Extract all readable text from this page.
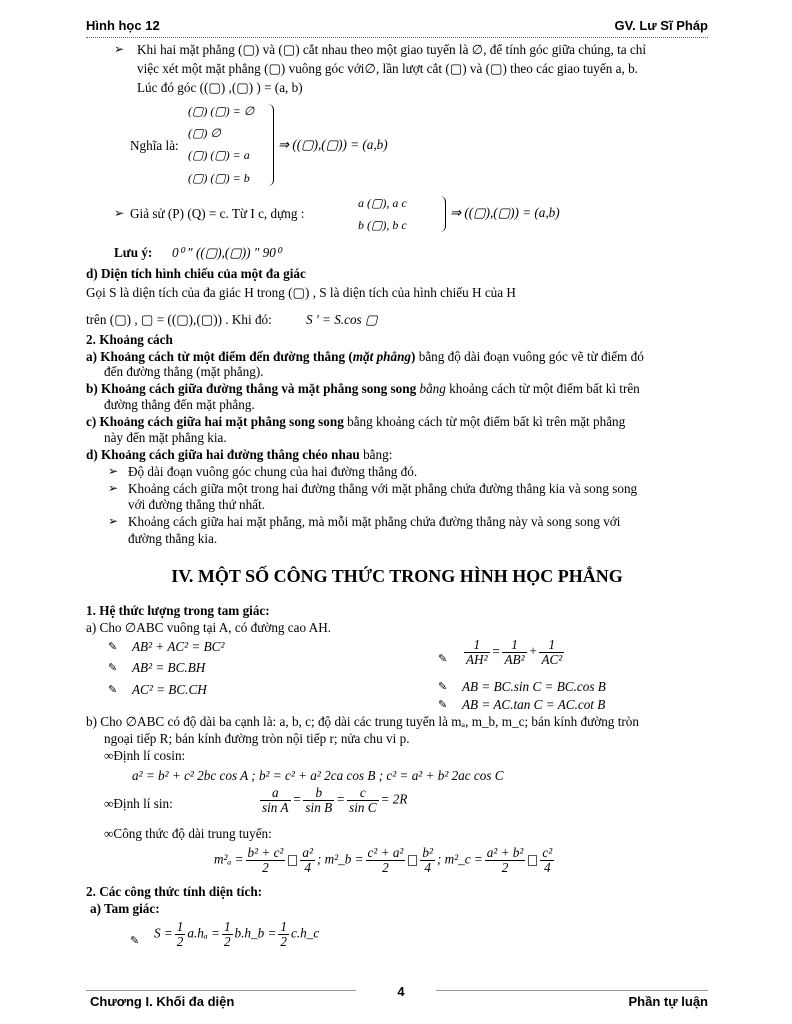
Hình học 12	GV. Lư Sĩ Pháp
➢ Khi hai mặt phẳng (▢) và (▢) cắt nhau theo một giao tuyến là ∅, để tính góc giữa chúng, ta chỉ
việc xét một mặt phẳng (▢) vuông góc với∅, lần lượt cắt (▢) và (▢) theo các giao tuyến a, b.
Lúc đó góc ((▢) ,(▢) ) = (a, b)
Nghĩa là:
(▢) (▢) = ∅
(▢) ∅
(▢) (▢) = a
(▢) (▢) = b
⇒ ((▢),(▢)) = (a,b)
➢ Giả sử (P) (Q) = c. Từ I c, dựng :
a (▢), a c
b (▢), b c
⇒ ((▢),(▢)) = (a,b)
Lưu ý: 0⁰ ″ ((▢),(▢)) ″ 90⁰
d) Diện tích hình chiếu của một đa giác
Gọi S là diện tích của đa giác H trong (▢) , S là diện tích của hình chiếu H của H
trên (▢) , ▢ = ((▢),(▢)) . Khi đó:	S ' = S.cos ▢
2. Khoảng cách
a) Khoảng cách từ một điểm đến đường thẳng (mặt phẳng) bằng độ dài đoạn vuông góc vẽ từ điểm đó
đến đường thẳng (mặt phẳng).
b) Khoảng cách giữa đường thẳng và mặt phẳng song song bằng khoảng cách từ một điểm bất kì trên
đường thẳng đến mặt phẳng.
c) Khoảng cách giữa hai mặt phẳng song song bằng khoảng cách từ một điểm bất kì trên mặt phẳng
này đến mặt phẳng kia.
d) Khoảng cách giữa hai đường thẳng chéo nhau bằng:
➢ Độ dài đoạn vuông góc chung của hai đường thẳng đó.
➢ Khoảng cách giữa một trong hai đường thẳng với mặt phẳng chứa đường thẳng kia và song song
với đường thẳng thứ nhất.
➢ Khoảng cách giữa hai mặt phẳng, mà mỗi mặt phẳng chứa đường thẳng này và song song với
đường thẳng kia.
IV. MỘT SỐ CÔNG THỨC TRONG HÌNH HỌC PHẲNG
1. Hệ thức lượng trong tam giác:
a) Cho ∅ABC vuông tại A, có đường cao AH.
✎ AB² + AC² = BC²
✎ AB² = BC.BH
✎ AC² = BC.CH
✎ $\frac{1}{\text{AH²}} = \frac{1}{\text{AB²}} + \frac{1}{\text{AC²}}$
✎ AB = BC.sin C = BC.cos B
✎ AB = AC.tan C = AC.cot B
b) Cho ∅ABC có độ dài ba cạnh là: a, b, c; độ dài các trung tuyến là mₐ, m_b, m_c; bán kính đường tròn
ngoại tiếp R; bán kính đường tròn nội tiếp r; nửa chu vi p.
∞Định lí cosin:
a² = b² + c² 2bc cos A ; b² = c² + a² 2ca cos B ; c² = a² + b² 2ac cos C
∞Định lí sin:	$\frac{a}{\text{sin A}} = \frac{b}{\text{sin B}} = \frac{c}{\text{sin C}} = 2R$
∞Công thức độ dài trung tuyến:
$m^2_a = \frac{\text{b² + c²}}{2} \frac{\text{a²}}{4}$ ; m²_b = $\frac{\text{c² + a²}}{2} \frac{\text{b²}}{4}$ ; m²_c = $\frac{\text{a² + b²}}{2} \frac{\text{c²}}{4}$
2. Các công thức tính diện tích:
a) Tam giác:
✎
$S = \frac{1}{2} a.h_a = \frac{1}{2}$ b.h_b = $\frac{1}{2}$ c.h_c
4
Chương I. Khối đa diện	Phần tự luận
